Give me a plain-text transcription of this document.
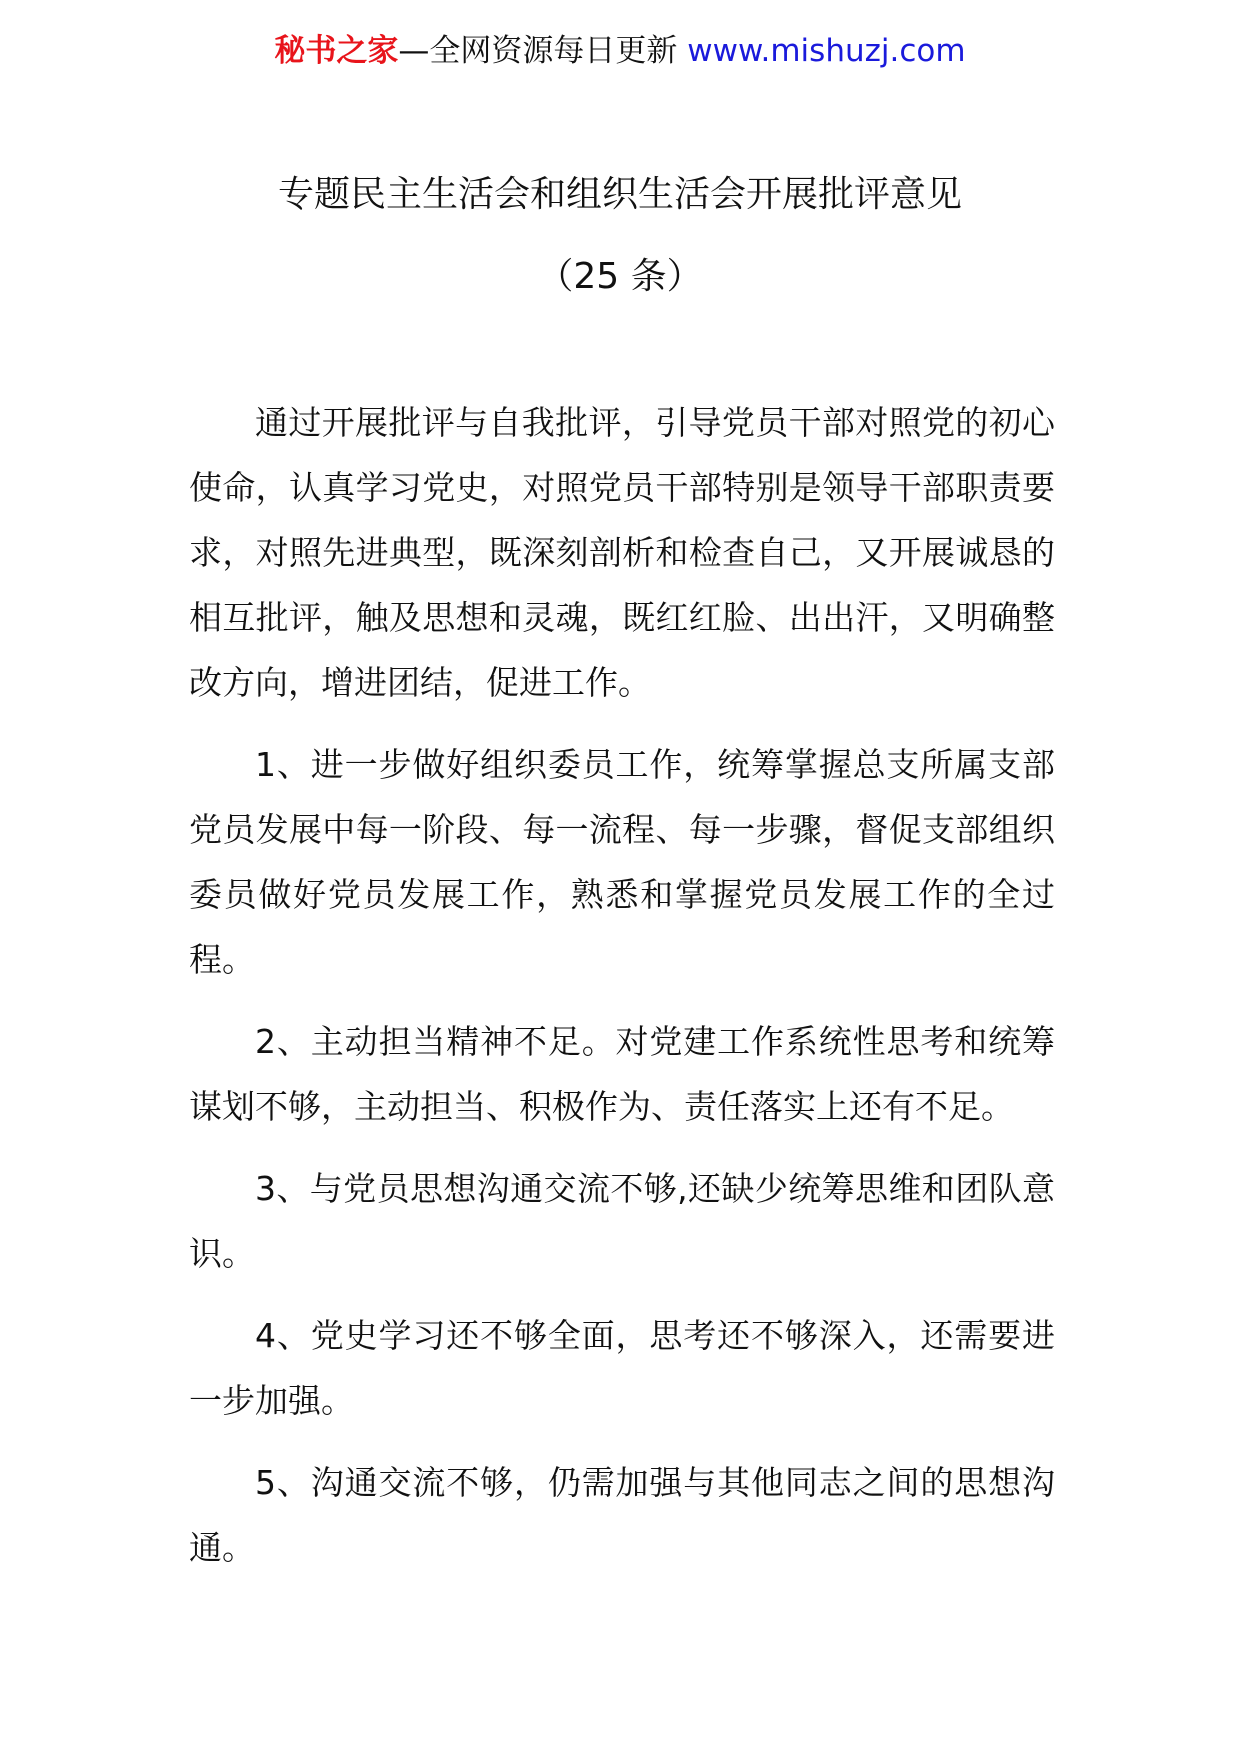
秘书之家—全网资源每日更新 www.mishuzj.com
专题民主生活会和组织生活会开展批评意见
（25 条）

通过开展批评与自我批评，引导党员干部对照党的初心使命，认真学习党史，对照党员干部特别是领导干部职责要求，对照先进典型，既深刻剖析和检查自己，又开展诚恳的相互批评，触及思想和灵魂，既红红脸、出出汗，又明确整改方向，增进团结，促进工作。

1、进一步做好组织委员工作，统筹掌握总支所属支部党员发展中每一阶段、每一流程、每一步骤，督促支部组织委员做好党员发展工作，熟悉和掌握党员发展工作的全过程。

2、主动担当精神不足。对党建工作系统性思考和统筹谋划不够，主动担当、积极作为、责任落实上还有不足。

3、与党员思想沟通交流不够,还缺少统筹思维和团队意识。

4、党史学习还不够全面，思考还不够深入，还需要进一步加强。

5、沟通交流不够，仍需加强与其他同志之间的思想沟通。
